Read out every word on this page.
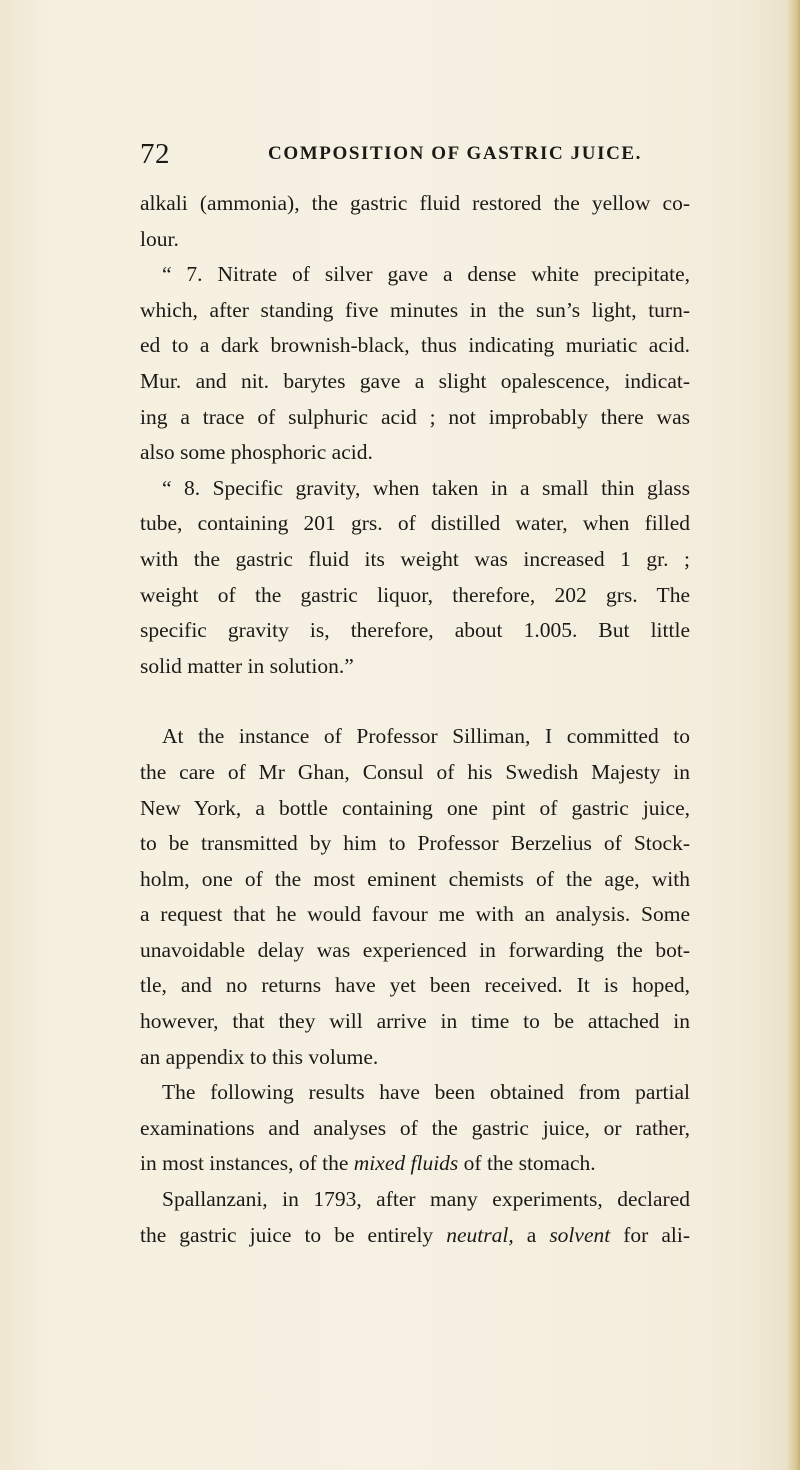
72	COMPOSITION OF GASTRIC JUICE.
alkali (ammonia), the gastric fluid restored the yellow co-
lour.
“ 7. Nitrate of silver gave a dense white precipitate,
which, after standing five minutes in the sun’s light, turn-
ed to a dark brownish-black, thus indicating muriatic acid.
Mur. and nit. barytes gave a slight opalescence, indicat-
ing a trace of sulphuric acid ; not improbably there was
also some phosphoric acid.
“ 8. Specific gravity, when taken in a small thin glass
tube, containing 201 grs. of distilled water, when filled
with the gastric fluid its weight was increased 1 gr. ;
weight of the gastric liquor, therefore, 202 grs. The
specific gravity is, therefore, about 1.005. But little
solid matter in solution.”
At the instance of Professor Silliman, I committed to
the care of Mr Ghan, Consul of his Swedish Majesty in
New York, a bottle containing one pint of gastric juice,
to be transmitted by him to Professor Berzelius of Stock-
holm, one of the most eminent chemists of the age, with
a request that he would favour me with an analysis. Some
unavoidable delay was experienced in forwarding the bot-
tle, and no returns have yet been received. It is hoped,
however, that they will arrive in time to be attached in
an appendix to this volume.
The following results have been obtained from partial
examinations and analyses of the gastric juice, or rather,
in most instances, of the mixed fluids of the stomach.
Spallanzani, in 1793, after many experiments, declared
the gastric juice to be entirely neutral, a solvent for ali-
